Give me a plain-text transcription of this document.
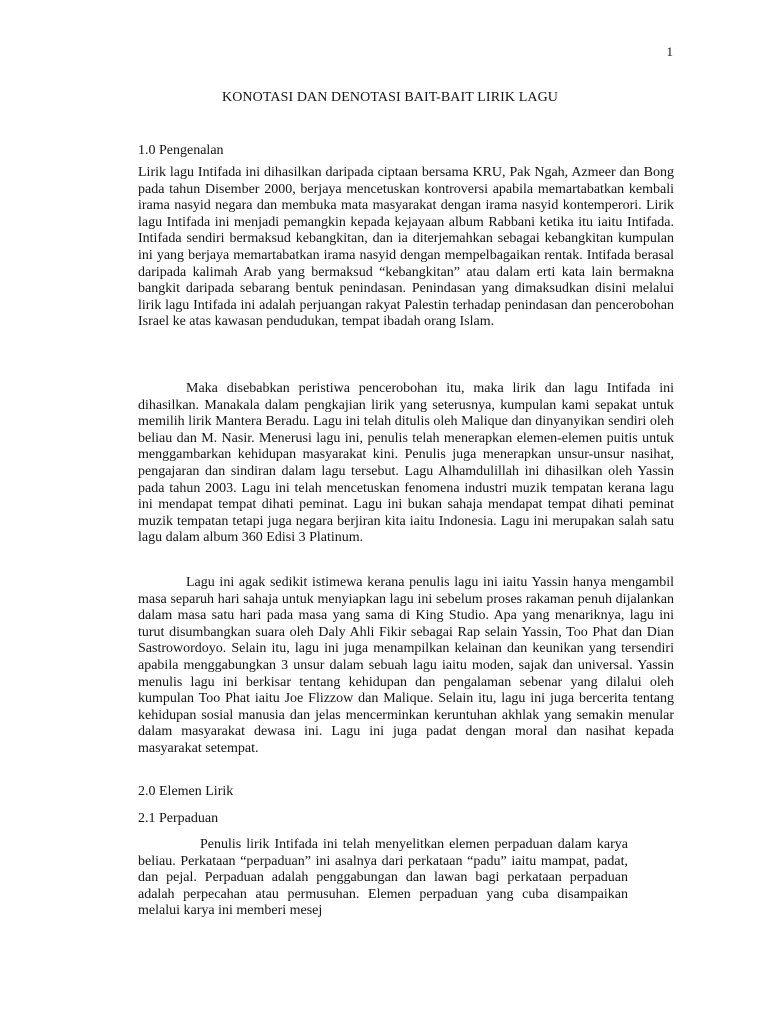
1
KONOTASI DAN DENOTASI BAIT-BAIT LIRIK LAGU
1.0 Pengenalan
Lirik lagu Intifada ini dihasilkan daripada ciptaan bersama KRU, Pak Ngah, Azmeer dan Bong pada tahun Disember 2000, berjaya mencetuskan kontroversi apabila memartabatkan kembali irama nasyid negara dan membuka mata masyarakat dengan irama nasyid kontemperori. Lirik lagu Intifada ini menjadi pemangkin kepada kejayaan album Rabbani ketika itu iaitu Intifada. Intifada sendiri bermaksud kebangkitan, dan ia diterjemahkan sebagai kebangkitan kumpulan ini yang berjaya memartabatkan irama nasyid dengan mempelbagaikan rentak. Intifada berasal daripada kalimah Arab yang bermaksud “kebangkitan” atau dalam erti kata lain bermakna bangkit daripada sebarang bentuk penindasan. Penindasan yang dimaksudkan disini melalui lirik lagu Intifada ini adalah perjuangan rakyat Palestin terhadap penindasan dan pencerobohan Israel ke atas kawasan pendudukan, tempat ibadah orang Islam.
Maka disebabkan peristiwa pencerobohan itu, maka lirik dan lagu Intifada ini dihasilkan. Manakala dalam pengkajian lirik yang seterusnya, kumpulan kami sepakat untuk memilih lirik Mantera Beradu. Lagu ini telah ditulis oleh Malique dan dinyanyikan sendiri oleh beliau dan M. Nasir. Menerusi lagu ini, penulis telah menerapkan elemen-elemen puitis untuk menggambarkan kehidupan masyarakat kini. Penulis juga menerapkan unsur-unsur nasihat, pengajaran dan sindiran dalam lagu tersebut. Lagu Alhamdulillah ini dihasilkan oleh Yassin pada tahun 2003. Lagu ini telah mencetuskan fenomena industri muzik tempatan kerana lagu ini mendapat tempat dihati peminat. Lagu ini bukan sahaja mendapat tempat dihati peminat muzik tempatan tetapi juga negara berjiran kita iaitu Indonesia. Lagu ini merupakan salah satu lagu dalam album 360 Edisi 3 Platinum.
Lagu ini agak sedikit istimewa kerana penulis lagu ini iaitu Yassin hanya mengambil masa separuh hari sahaja untuk menyiapkan lagu ini sebelum proses rakaman penuh dijalankan dalam masa satu hari pada masa yang sama di King Studio. Apa yang menariknya, lagu ini turut disumbangkan suara oleh Daly Ahli Fikir sebagai Rap selain Yassin, Too Phat dan Dian Sastrowordoyo. Selain itu, lagu ini juga menampilkan kelainan dan keunikan yang tersendiri apabila menggabungkan 3 unsur dalam sebuah lagu iaitu moden, sajak dan universal. Yassin menulis lagu ini berkisar tentang kehidupan dan pengalaman sebenar yang dilalui oleh kumpulan Too Phat iaitu Joe Flizzow dan Malique. Selain itu, lagu ini juga bercerita tentang kehidupan sosial manusia dan jelas mencerminkan keruntuhan akhlak yang semakin menular dalam masyarakat dewasa ini. Lagu ini juga padat dengan moral dan nasihat kepada masyarakat setempat.
2.0 Elemen Lirik
2.1 Perpaduan
Penulis lirik Intifada ini telah menyelitkan elemen perpaduan dalam karya beliau. Perkataan “perpaduan” ini asalnya dari perkataan “padu” iaitu mampat, padat, dan pejal. Perpaduan adalah penggabungan dan lawan bagi perkataan perpaduan adalah perpecahan atau permusuhan. Elemen perpaduan yang cuba disampaikan melalui karya ini memberi mesej
